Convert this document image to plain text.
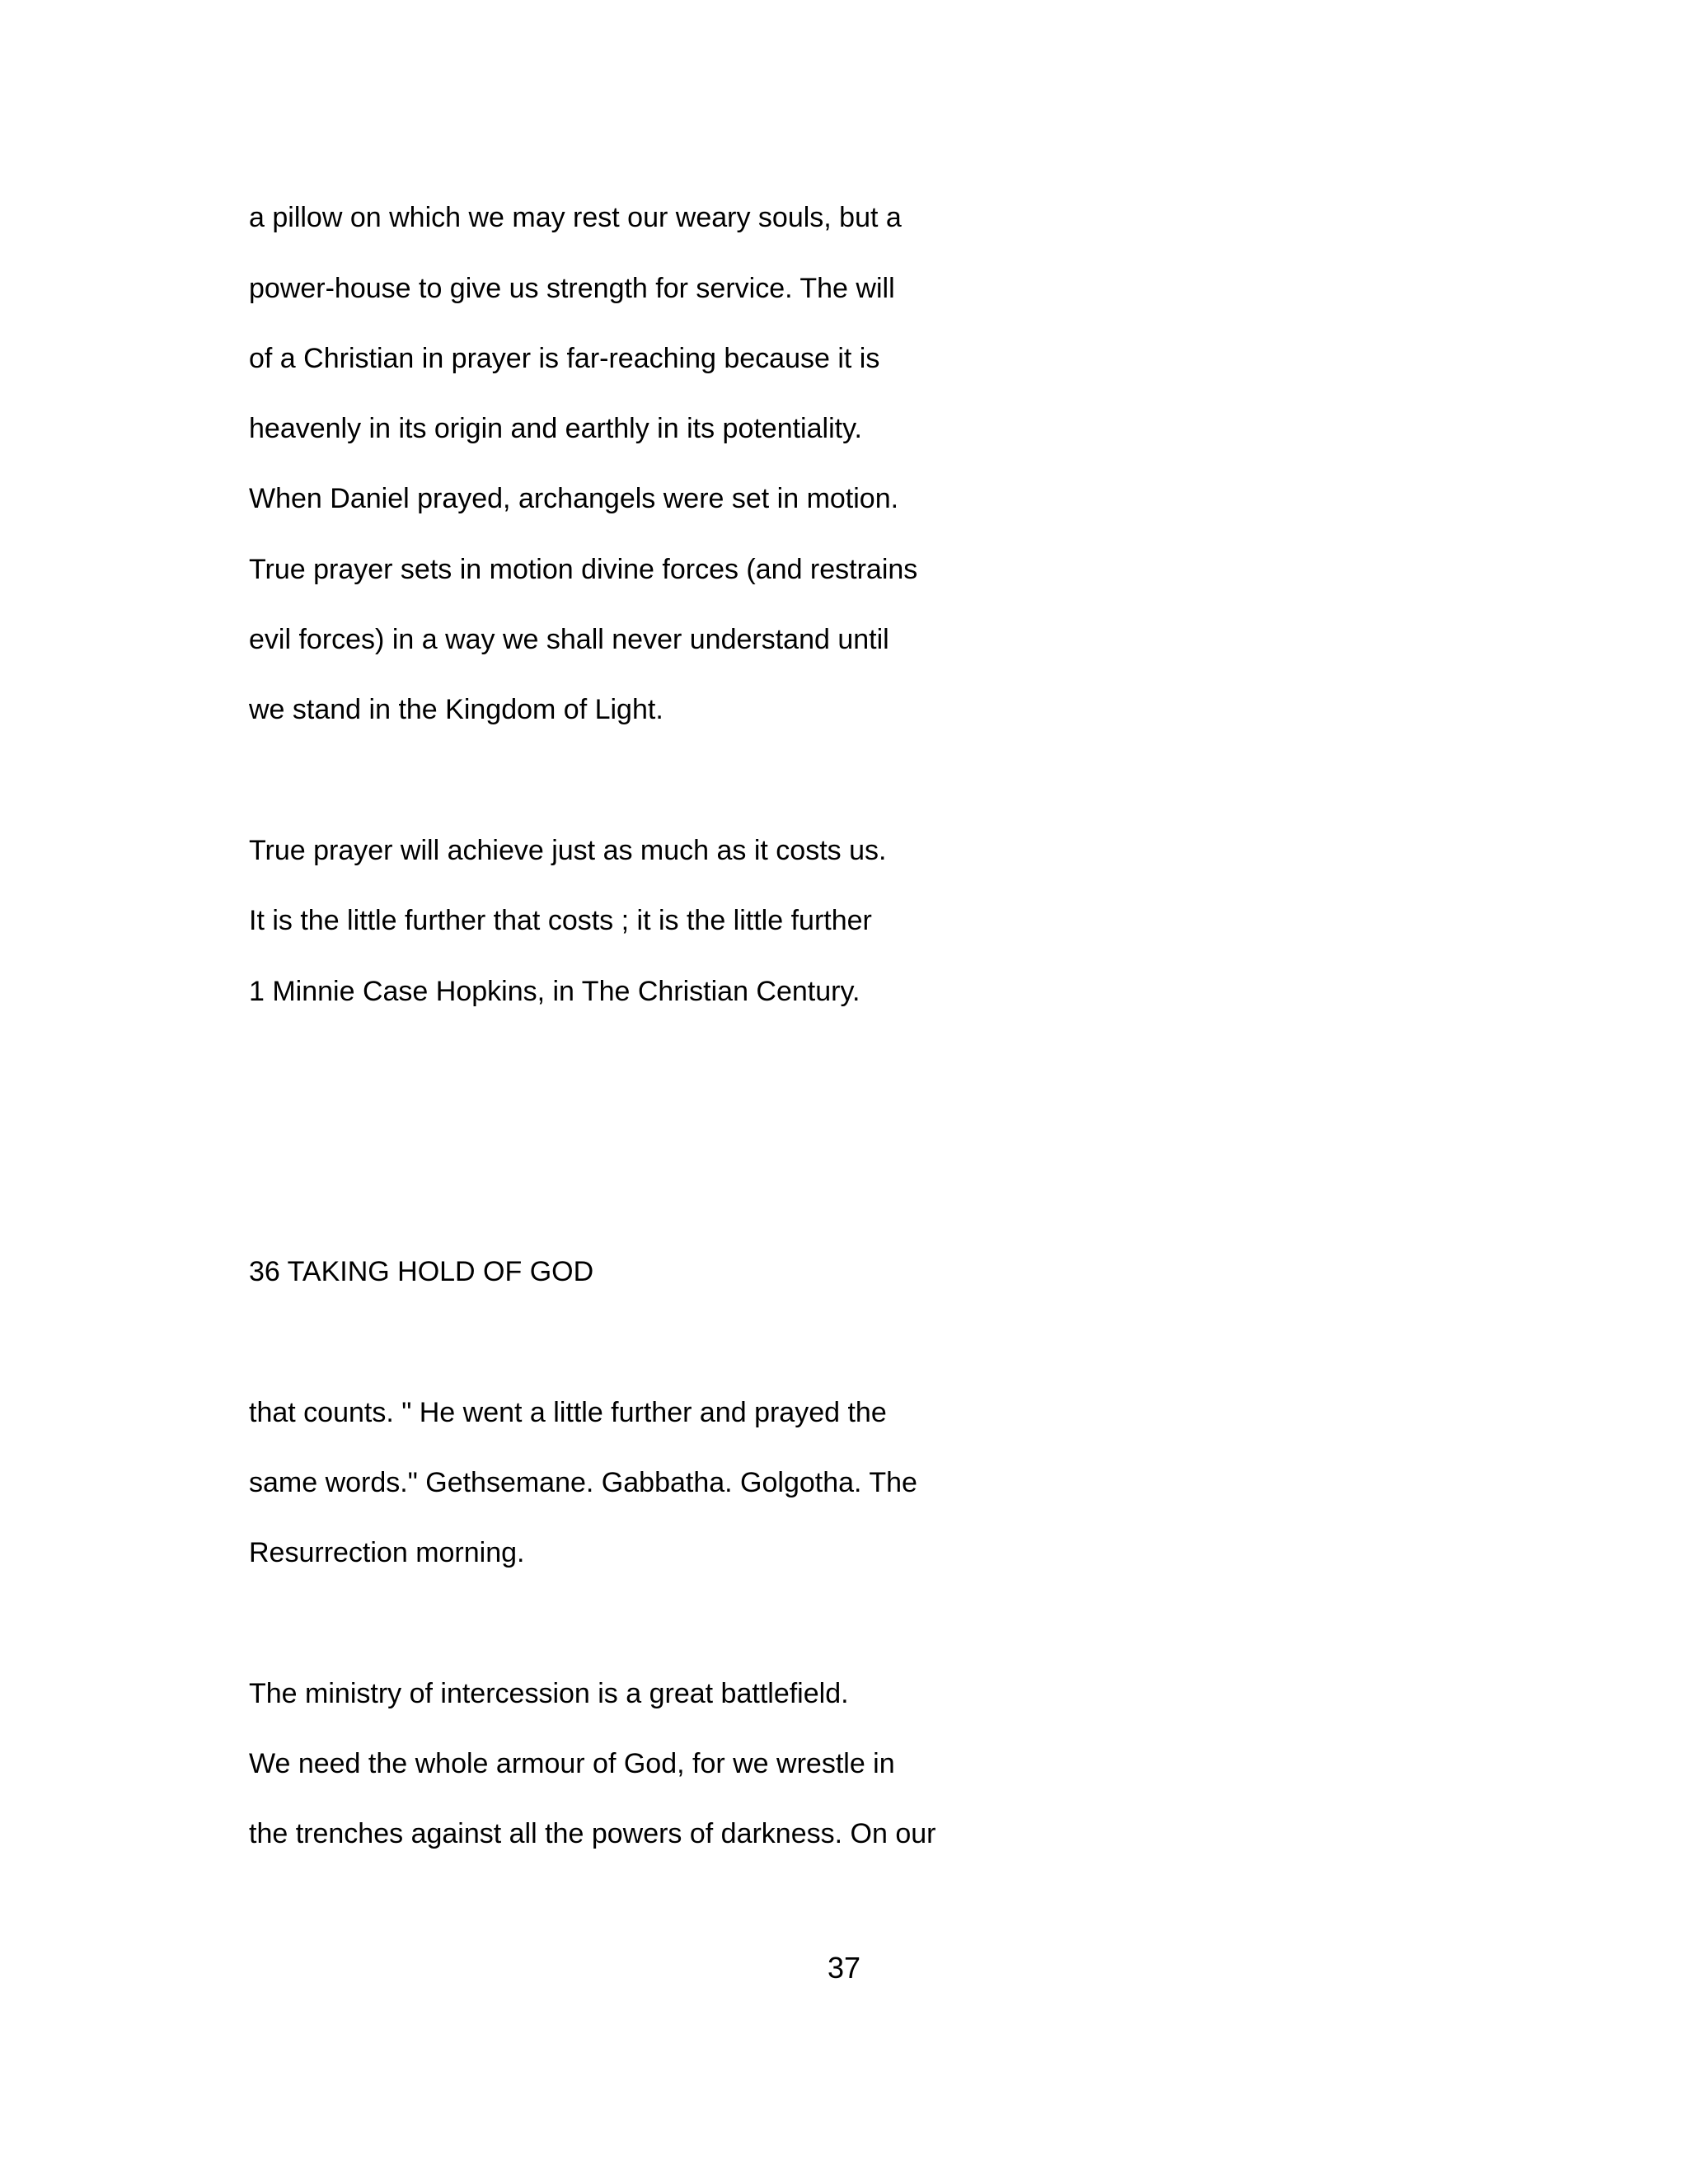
a pillow on which we may rest our weary souls, but a
power-house to give us strength for service. The will
of a Christian in prayer is far-reaching because it is
heavenly in its origin and earthly in its potentiality.
When Daniel prayed, archangels were set in motion.
True prayer sets in motion divine forces (and restrains
evil forces) in a way we shall never understand until
we stand in the Kingdom of Light.
True prayer will achieve just as much as it costs us.
It is the little further that costs ; it is the little further
1 Minnie Case Hopkins, in The Christian Century.
36 TAKING HOLD OF GOD
that counts. " He went a little further and prayed the
same words." Gethsemane. Gabbatha. Golgotha. The
Resurrection morning.
The ministry of intercession is a great battlefield.
We need the whole armour of God, for we wrestle in
the trenches against all the powers of darkness. On our
37
